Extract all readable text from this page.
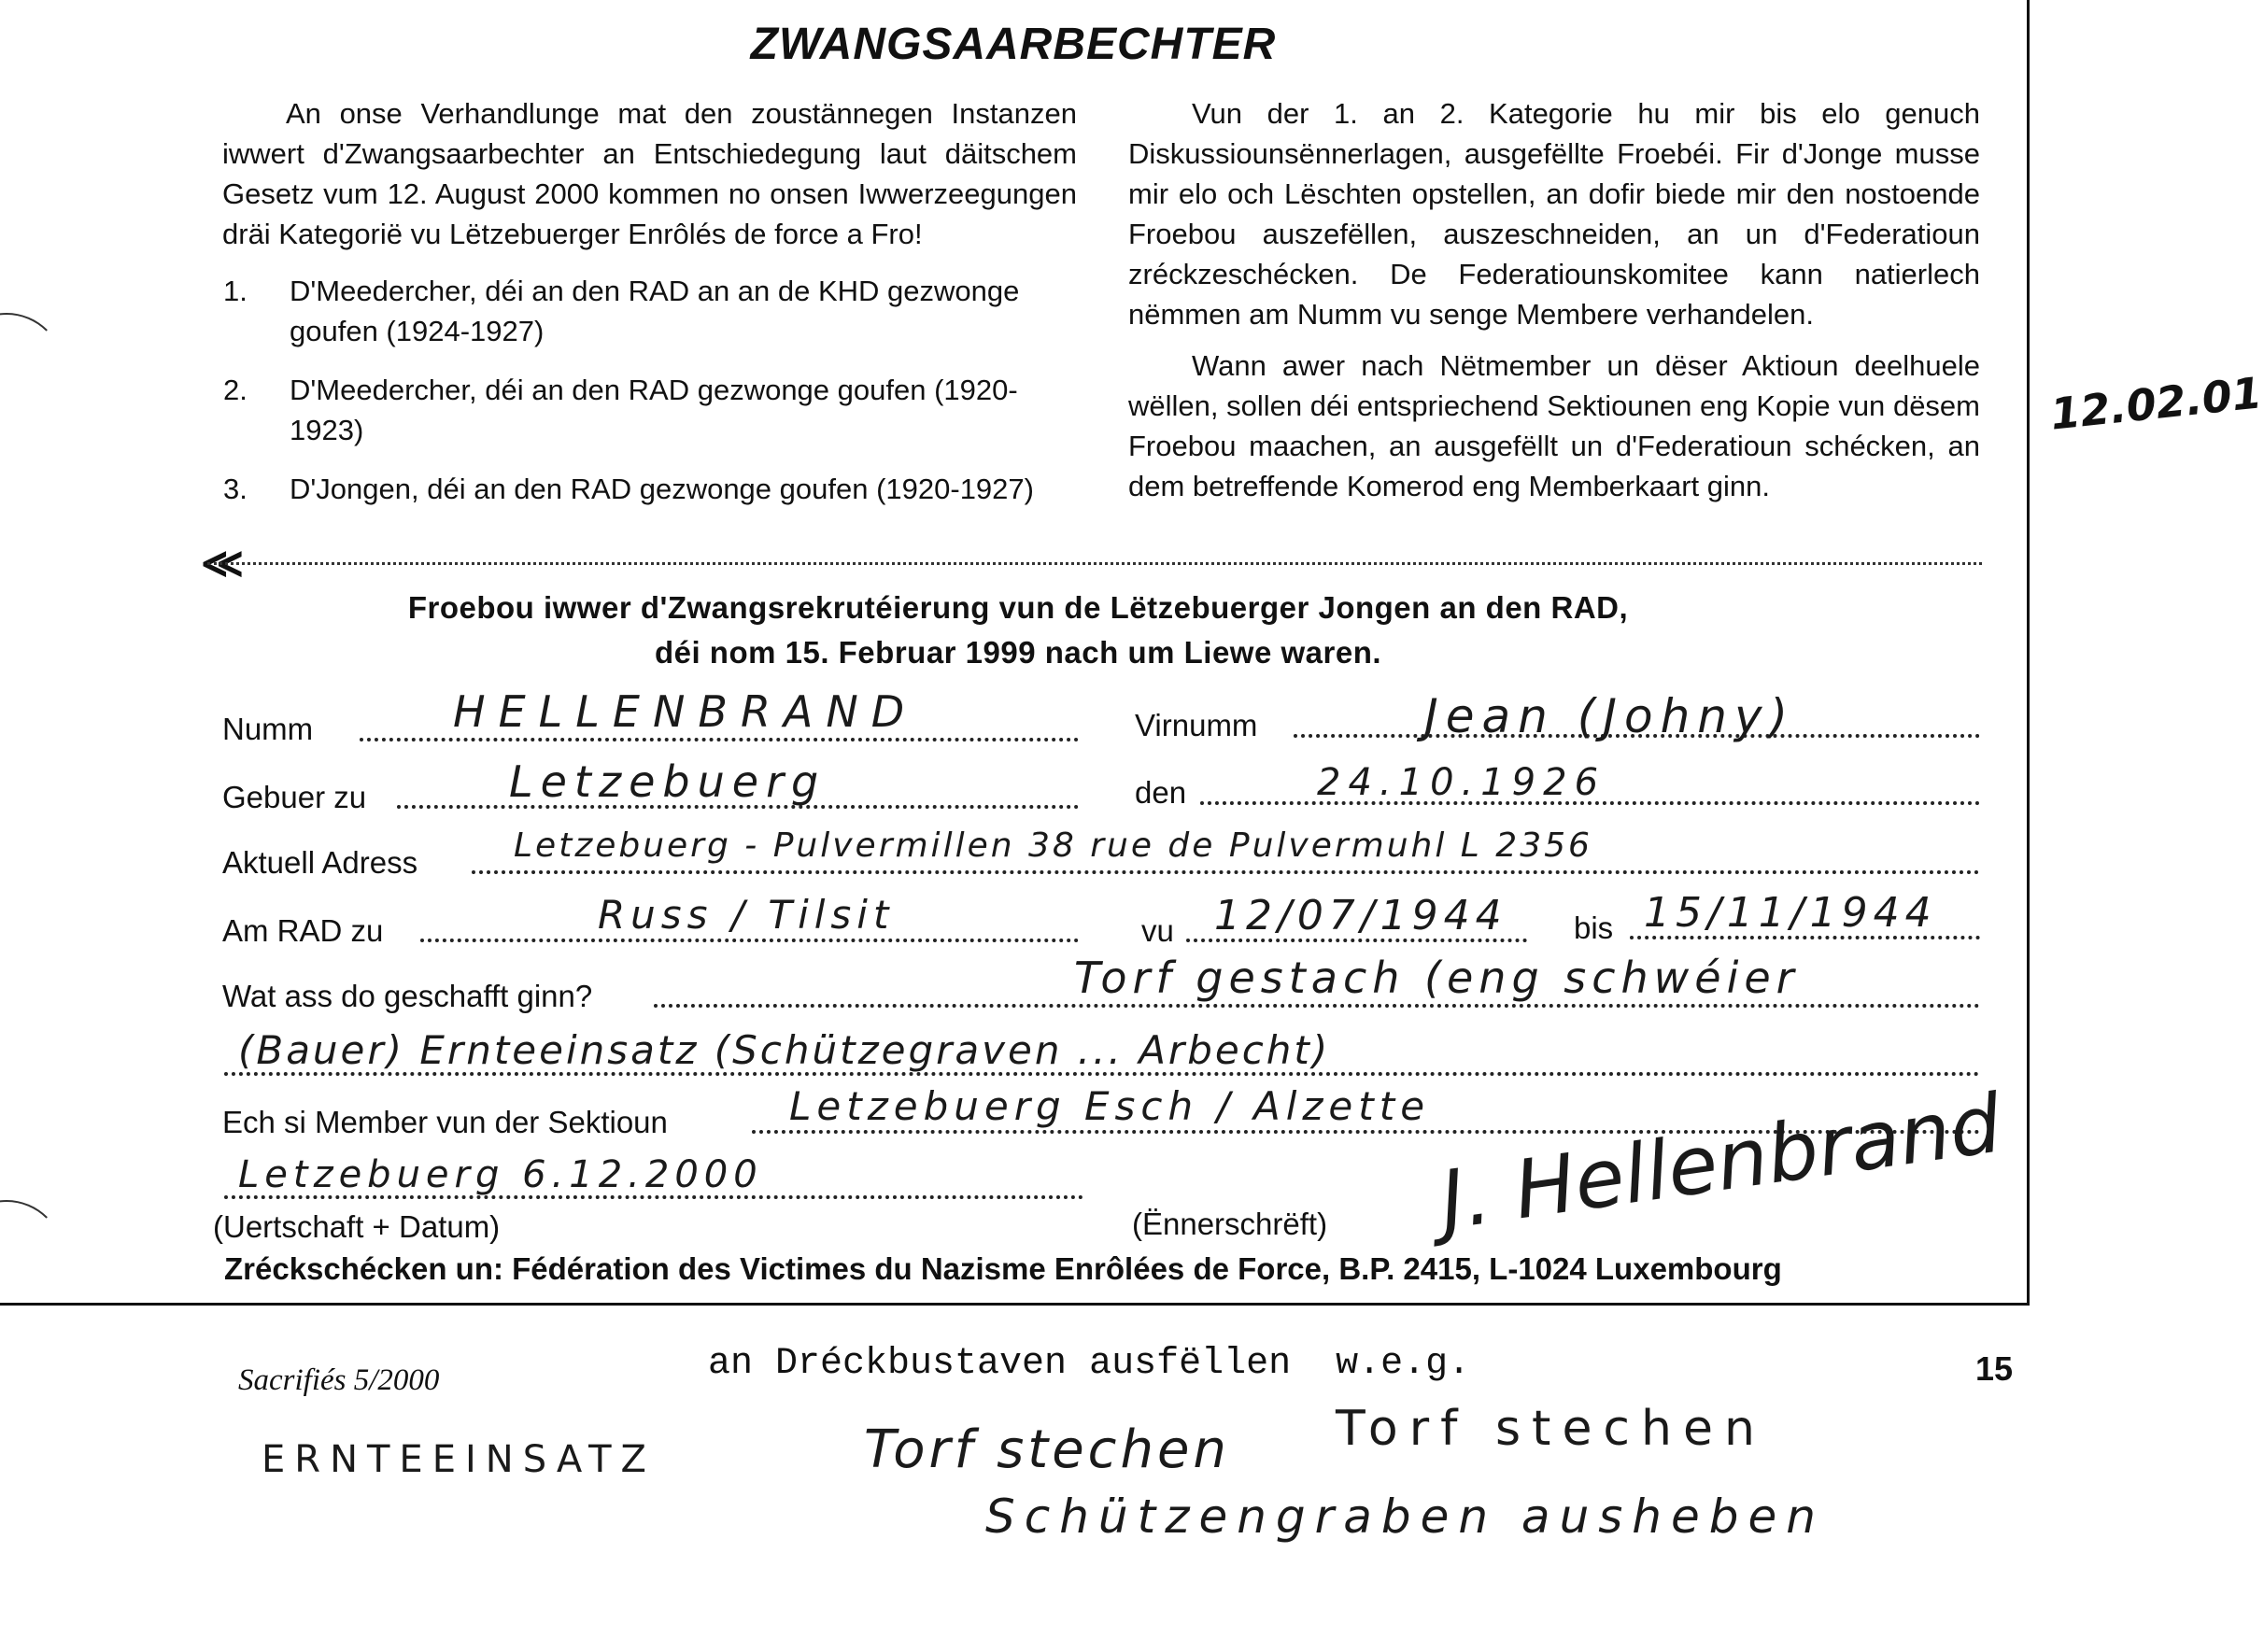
ZWANGSAARBECHTER

An onse Verhandlunge mat den zoustännegen Instanzen iwwert d'Zwangsaarbechter an Entschiedegung laut däitschem Gesetz vum 12. August 2000 kommen no onsen Iwwerzeegungen dräi Kategorië vu Lëtzebuerger Enrôlés de force a Fro!

1. D'Meedercher, déi an den RAD an an de KHD gezwonge goufen (1924-1927)
2. D'Meedercher, déi an den RAD gezwonge goufen (1920-1923)
3. D'Jongen, déi an den RAD gezwonge goufen (1920-1927)

Vun der 1. an 2. Kategorie hu mir bis elo genuch Diskussiounsënnerlagen, ausgefëllte Froebéi. Fir d'Jonge musse mir elo och Lëschten opstellen, an dofir biede mir den nostoende Froebou auszefëllen, auszeschneiden, an un d'Federatioun zréckzeschécken. De Federatiounskomitee kann natierlech nëmmen am Numm vu senge Membere verhandelen.

Wann awer nach Nëtmember un dëser Aktioun deelhuele wëllen, sollen déi entspriechend Sektiounen eng Kopie vun dësem Froebou maachen, an ausgefëllt un d'Federatioun schécken, an dem betreffende Komerod eng Memberkaart ginn.

≪
Froebou iwwer d'Zwangsrekrutéierung vun de Lëtzebuerger Jongen an den RAD,
déi nom 15. Februar 1999 nach um Liewe waren.
Numm	HELLENBRAND	Virnumm	Jean (Johny)
Gebuer zu	Letzebuerg	den	24.10.1926
Aktuell Adress	Letzebuerg - Pulvermillen 38 rue de Pulvermuhl L 2356
Am RAD zu	Russ / Tilsit	vu 12/07/1944 bis 15/11/1944
Wat ass do geschafft ginn?	Torf gestach (eng schwéier
(Bauer) Ernteeinsatz (Schützegraven ... Arbecht)
Ech si Member vun der Sektioun	Letzebuerg Esch / Alzette
Letzebuerg 6.12.2000
(Uertschaft + Datum)	(Ënnerschrëft) J. Hellenbrand
Zréckschécken un: Fédération des Victimes du Nazisme Enrôlées de Force, B.P. 2415, L-1024 Luxembourg
Sacrifiés 5/2000	an Dréckbustaven ausfëllen  w.e.g.	15
12.02.01
ERNTEEINSATZ	Torf stechen Torf stechen
Schützengraben ausheben
